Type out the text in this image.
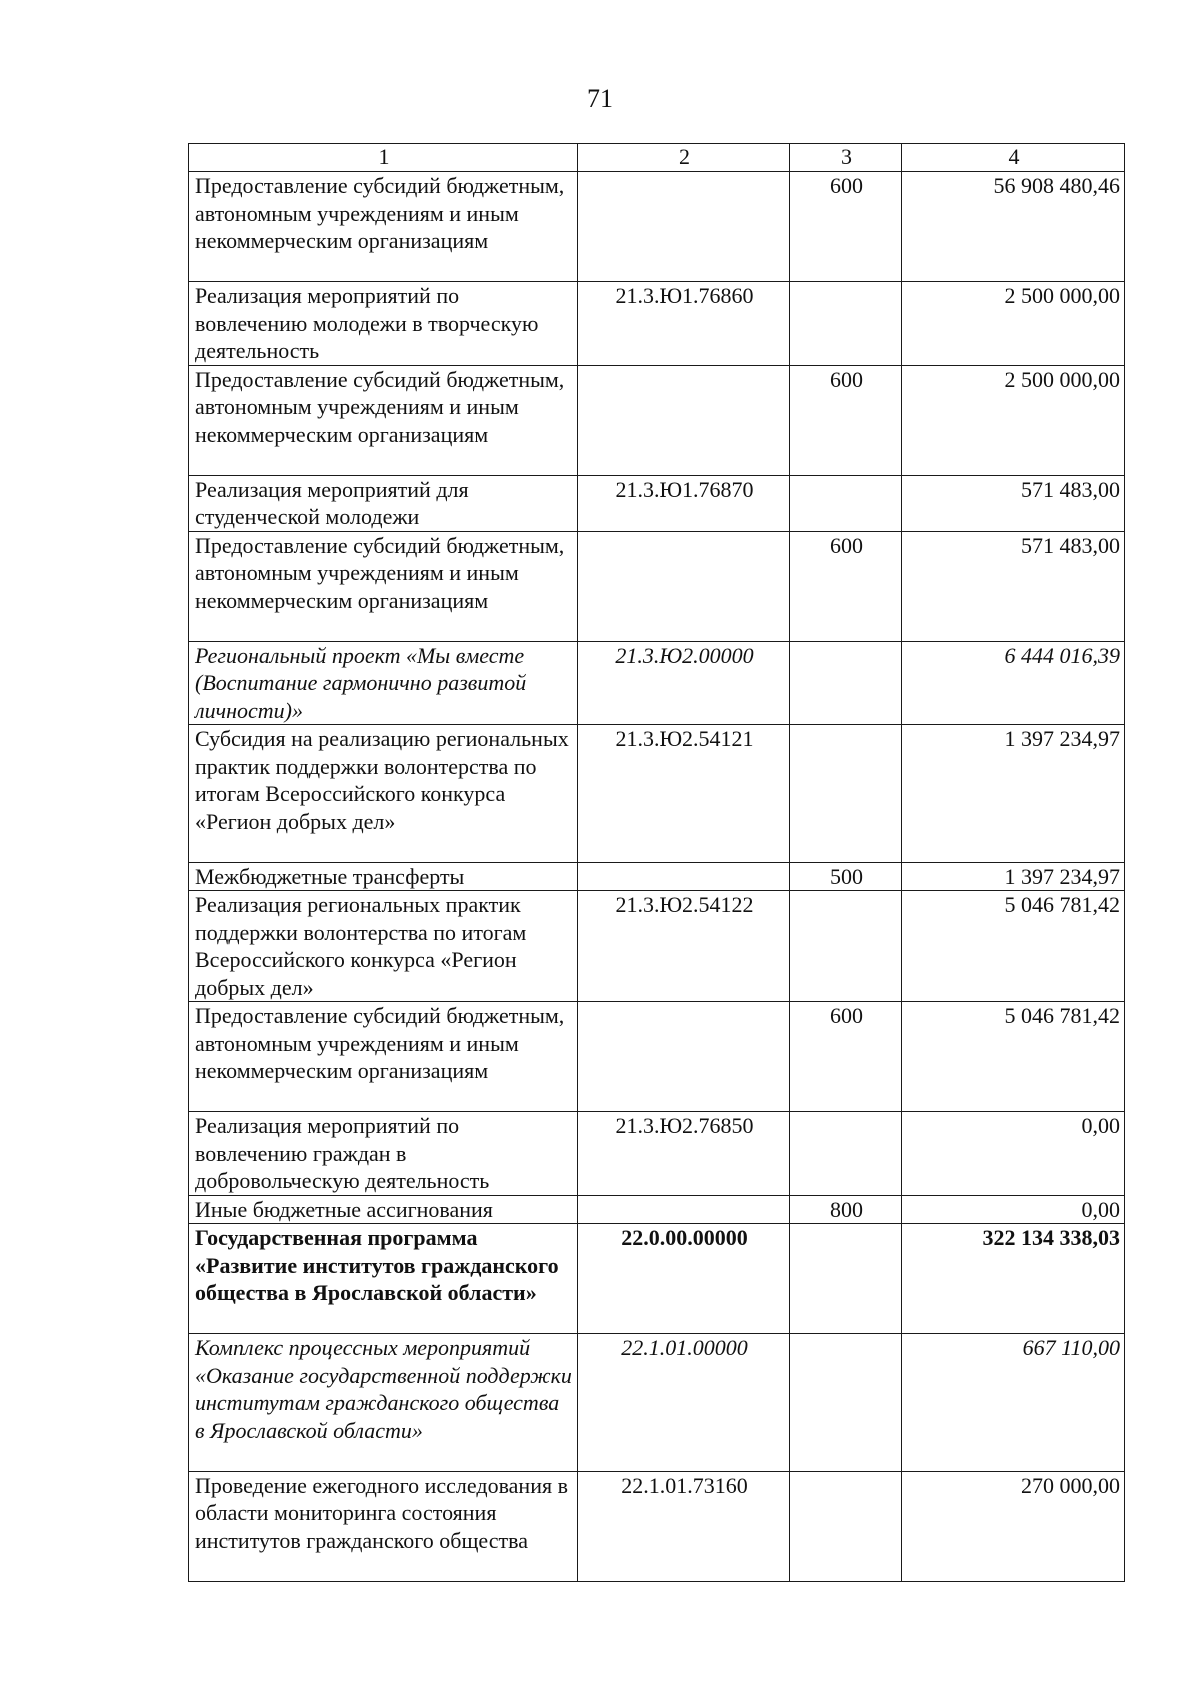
71
1	2	3	4
Предоставление субсидий бюджетным, автономным учреждениям и иным некоммерческим организациям		600	56 908 480,46
Реализация мероприятий по вовлечению молодежи в творческую деятельность	21.3.Ю1.76860		2 500 000,00
Предоставление субсидий бюджетным, автономным учреждениям и иным некоммерческим организациям		600	2 500 000,00
Реализация мероприятий для студенческой молодежи	21.3.Ю1.76870		571 483,00
Предоставление субсидий бюджетным, автономным учреждениям и иным некоммерческим организациям		600	571 483,00
Региональный проект «Мы вместе (Воспитание гармонично развитой личности)»	21.3.Ю2.00000		6 444 016,39
Субсидия на реализацию региональных практик поддержки волонтерства по итогам Всероссийского конкурса «Регион добрых дел»	21.3.Ю2.54121		1 397 234,97
Межбюджетные трансферты		500	1 397 234,97
Реализация региональных практик поддержки волонтерства по итогам Всероссийского конкурса «Регион добрых дел»	21.3.Ю2.54122		5 046 781,42
Предоставление субсидий бюджетным, автономным учреждениям и иным некоммерческим организациям		600	5 046 781,42
Реализация мероприятий по вовлечению граждан в добровольческую деятельность	21.3.Ю2.76850		0,00
Иные бюджетные ассигнования		800	0,00
Государственная программа «Развитие институтов гражданского общества в Ярославской области»	22.0.00.00000		322 134 338,03
Комплекс процессных мероприятий «Оказание государственной поддержки институтам гражданского общества в Ярославской области»	22.1.01.00000		667 110,00
Проведение ежегодного исследования в области мониторинга состояния институтов гражданского общества	22.1.01.73160		270 000,00
